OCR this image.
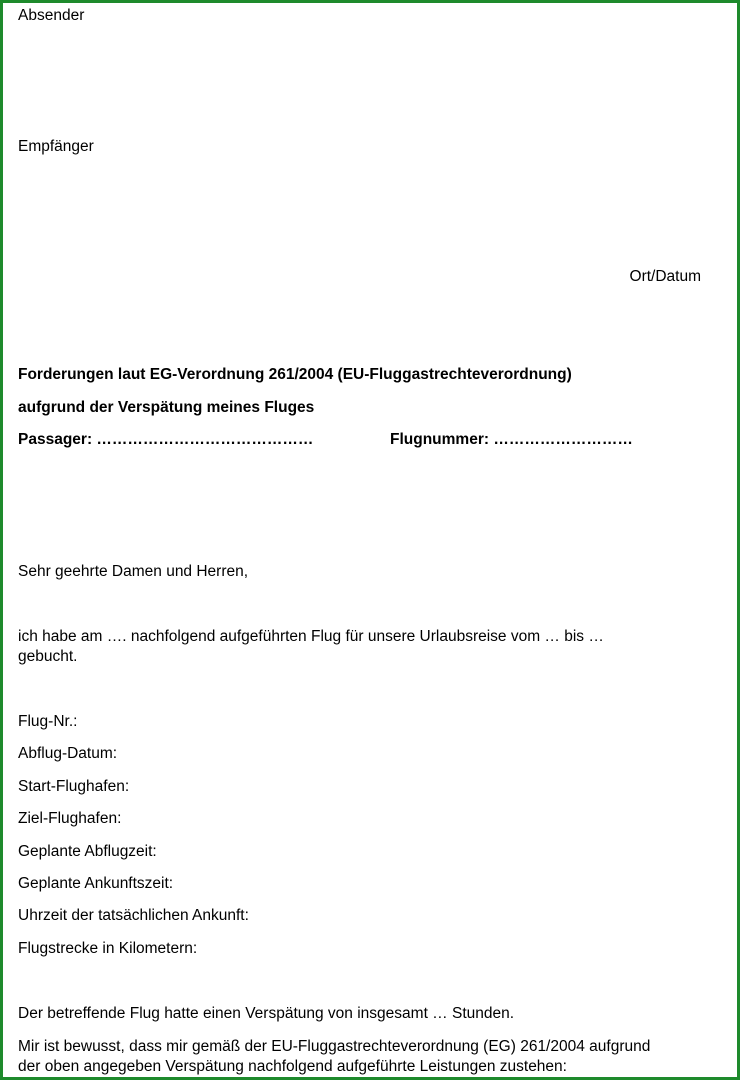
Absender
Empfänger
Ort/Datum
Forderungen laut EG-Verordnung 261/2004 (EU-Fluggastrechteverordnung)
aufgrund der Verspätung meines Fluges
Passager: ……………………………………	Flugnummer: ………………………
Sehr geehrte Damen und Herren,
ich habe am …. nachfolgend aufgeführten Flug für unsere Urlaubsreise vom … bis …
gebucht.
Flug-Nr.:
Abflug-Datum:
Start-Flughafen:
Ziel-Flughafen:
Geplante Abflugzeit:
Geplante Ankunftszeit:
Uhrzeit der tatsächlichen Ankunft:
Flugstrecke in Kilometern:
Der betreffende Flug hatte einen Verspätung von insgesamt … Stunden.
Mir ist bewusst, dass mir gemäß der EU-Fluggastrechteverordnung (EG) 261/2004 aufgrund
der oben angegeben Verspätung nachfolgend aufgeführte Leistungen zustehen:
